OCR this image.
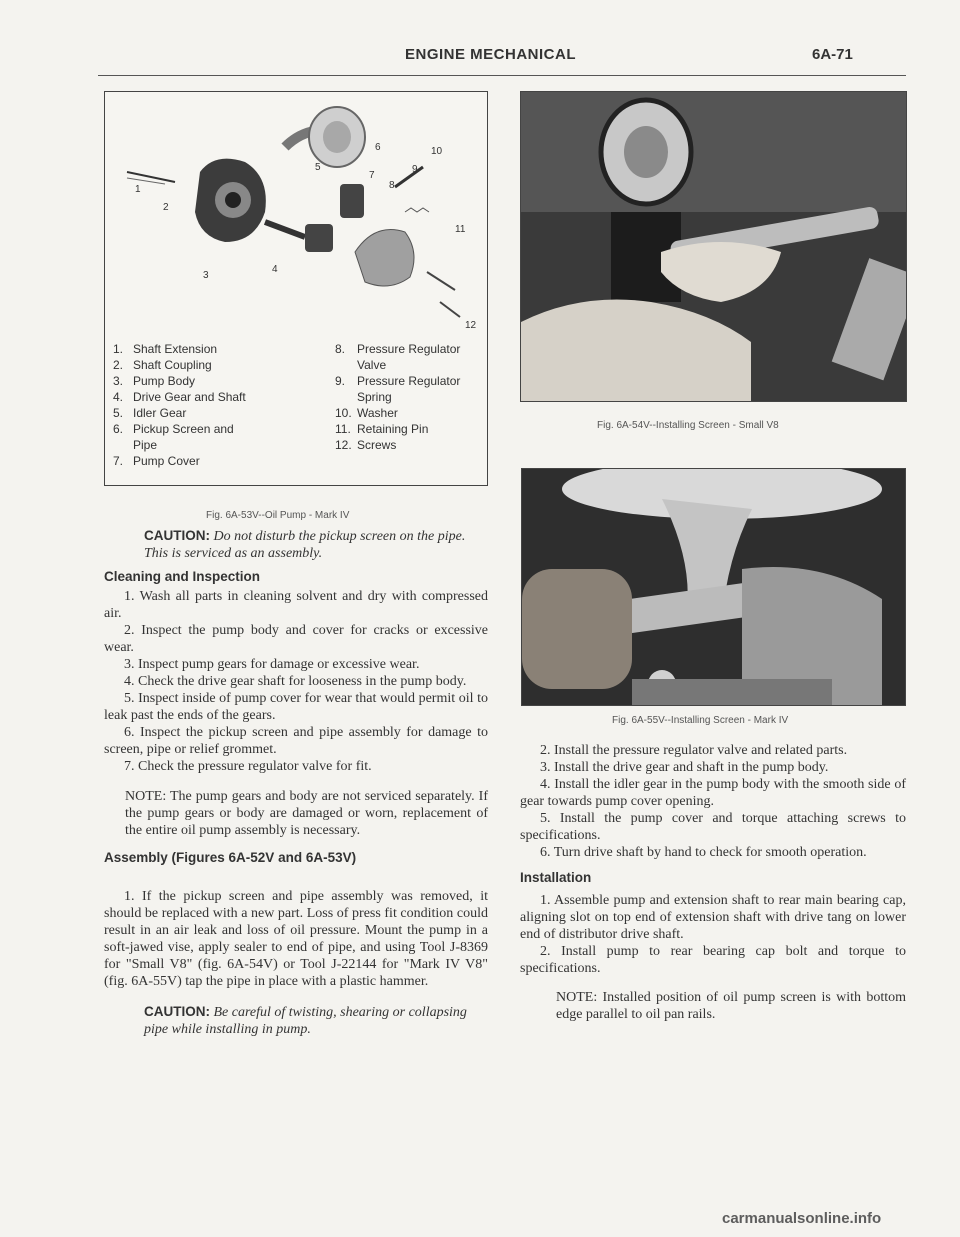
ENGINE MECHANICAL	6A-71
1
2
3
4
5
6
7
8
9
10
11
12
1. Shaft Extension
2. Shaft Coupling
3. Pump Body
4. Drive Gear and Shaft
5. Idler Gear
6. Pickup Screen and
Pipe
7. Pump Cover
8. Pressure Regulator
Valve
9. Pressure Regulator
Spring
10. Washer
11. Retaining Pin
12. Screws
Fig. 6A-53V--Oil Pump - Mark IV
Fig. 6A-54V--Installing Screen - Small V8
Fig. 6A-55V--Installing Screen - Mark IV

CAUTION: Do not disturb the pickup screen on the pipe. This is serviced as an assembly.

Cleaning and Inspection

1. Wash all parts in cleaning solvent and dry with compressed air.

2. Inspect the pump body and cover for cracks or excessive wear.

3. Inspect pump gears for damage or excessive wear.

4. Check the drive gear shaft for looseness in the pump body.

5. Inspect inside of pump cover for wear that would permit oil to leak past the ends of the gears.

6. Inspect the pickup screen and pipe assembly for damage to screen, pipe or relief grommet.

7. Check the pressure regulator valve for fit.

NOTE: The pump gears and body are not serviced separately. If the pump gears or body are damaged or worn, replacement of the entire oil pump assembly is necessary.

Assembly (Figures 6A-52V and 6A-53V)

1. If the pickup screen and pipe assembly was removed, it should be replaced with a new part. Loss of press fit condition could result in an air leak and loss of oil pressure. Mount the pump in a soft-jawed vise, apply sealer to end of pipe, and using Tool J-8369 for "Small V8" (fig. 6A-54V) or Tool J-22144 for "Mark IV V8" (fig. 6A-55V) tap the pipe in place with a plastic hammer.

CAUTION: Be careful of twisting, shearing or collapsing pipe while installing in pump.

2. Install the pressure regulator valve and related parts.

3. Install the drive gear and shaft in the pump body.

4. Install the idler gear in the pump body with the smooth side of gear towards pump cover opening.

5. Install the pump cover and torque attaching screws to specifications.

6. Turn drive shaft by hand to check for smooth operation.

Installation

1. Assemble pump and extension shaft to rear main bearing cap, aligning slot on top end of extension shaft with drive tang on lower end of distributor drive shaft.

2. Install pump to rear bearing cap bolt and torque to specifications.

NOTE: Installed position of oil pump screen is with bottom edge parallel to oil pan rails.

carmanualsonline.info
